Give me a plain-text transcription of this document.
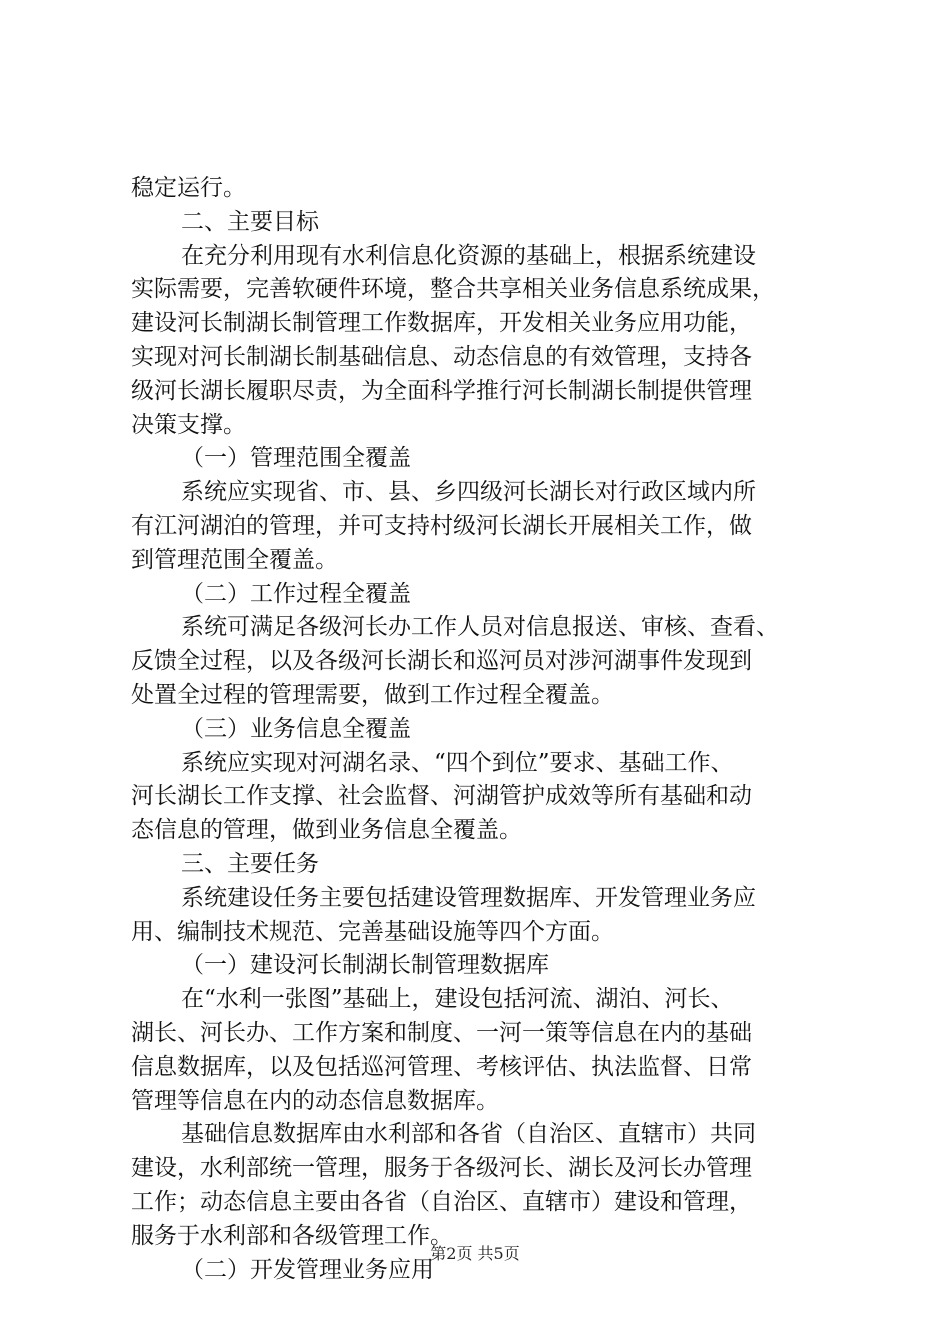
稳定运行。
二、主要目标
在充分利用现有水利信息化资源的基础上，根据系统建设
实际需要，完善软硬件环境，整合共享相关业务信息系统成果，
建设河长制湖长制管理工作数据库，开发相关业务应用功能，
实现对河长制湖长制基础信息、动态信息的有效管理，支持各
级河长湖长履职尽责，为全面科学推行河长制湖长制提供管理
决策支撑。
（一）管理范围全覆盖
系统应实现省、市、县、乡四级河长湖长对行政区域内所
有江河湖泊的管理，并可支持村级河长湖长开展相关工作，做
到管理范围全覆盖。
（二）工作过程全覆盖
系统可满足各级河长办工作人员对信息报送、审核、查看、
反馈全过程，以及各级河长湖长和巡河员对涉河湖事件发现到
处置全过程的管理需要，做到工作过程全覆盖。
（三）业务信息全覆盖
系统应实现对河湖名录、“四个到位”要求、基础工作、
河长湖长工作支撑、社会监督、河湖管护成效等所有基础和动
态信息的管理，做到业务信息全覆盖。
三、主要任务
系统建设任务主要包括建设管理数据库、开发管理业务应
用、编制技术规范、完善基础设施等四个方面。
（一）建设河长制湖长制管理数据库
在“水利一张图”基础上，建设包括河流、湖泊、河长、
湖长、河长办、工作方案和制度、一河一策等信息在内的基础
信息数据库，以及包括巡河管理、考核评估、执法监督、日常
管理等信息在内的动态信息数据库。
基础信息数据库由水利部和各省（自治区、直辖市）共同
建设，水利部统一管理，服务于各级河长、湖长及河长办管理
工作；动态信息主要由各省（自治区、直辖市）建设和管理，
服务于水利部和各级管理工作。
（二）开发管理业务应用
第2页 共5页
